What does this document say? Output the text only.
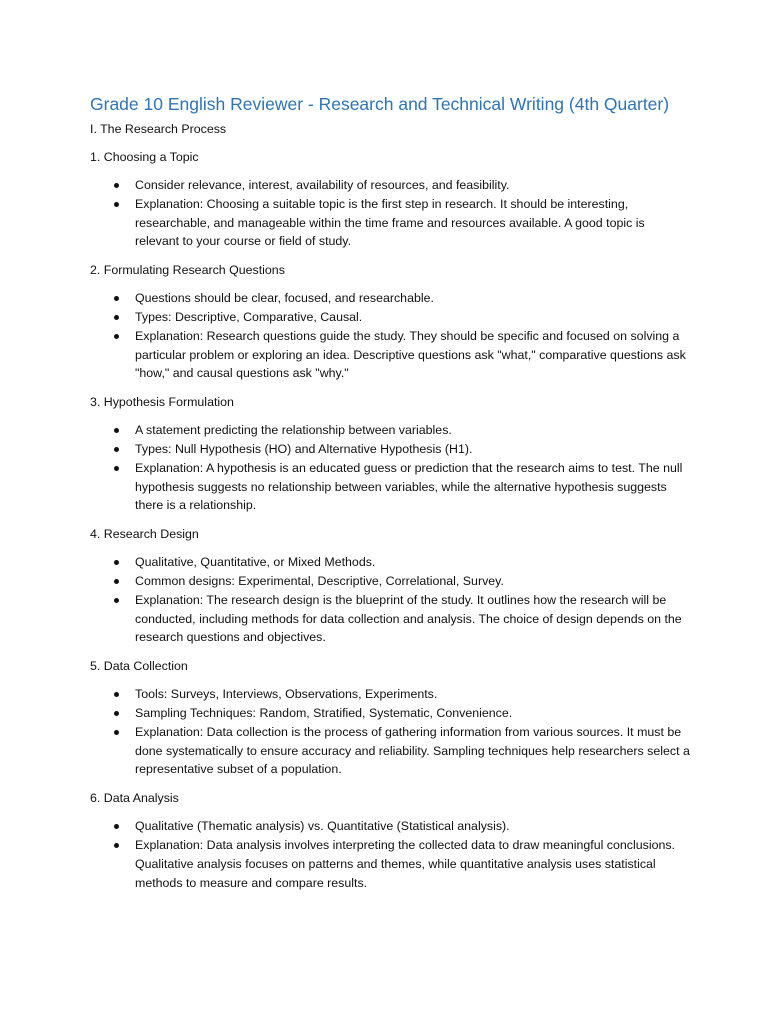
Grade 10 English Reviewer - Research and Technical Writing (4th Quarter)

I. The Research Process

1. Choosing a Topic

Consider relevance, interest, availability of resources, and feasibility.
Explanation: Choosing a suitable topic is the first step in research. It should be interesting, researchable, and manageable within the time frame and resources available. A good topic is relevant to your course or field of study.

2. Formulating Research Questions

Questions should be clear, focused, and researchable.
Types: Descriptive, Comparative, Causal.
Explanation: Research questions guide the study. They should be specific and focused on solving a particular problem or exploring an idea. Descriptive questions ask "what," comparative questions ask "how," and causal questions ask "why."

3. Hypothesis Formulation

A statement predicting the relationship between variables.
Types: Null Hypothesis (HO) and Alternative Hypothesis (H1).
Explanation: A hypothesis is an educated guess or prediction that the research aims to test. The null hypothesis suggests no relationship between variables, while the alternative hypothesis suggests there is a relationship.

4. Research Design

Qualitative, Quantitative, or Mixed Methods.
Common designs: Experimental, Descriptive, Correlational, Survey.
Explanation: The research design is the blueprint of the study. It outlines how the research will be conducted, including methods for data collection and analysis. The choice of design depends on the research questions and objectives.

5. Data Collection

Tools: Surveys, Interviews, Observations, Experiments.
Sampling Techniques: Random, Stratified, Systematic, Convenience.
Explanation: Data collection is the process of gathering information from various sources. It must be done systematically to ensure accuracy and reliability. Sampling techniques help researchers select a representative subset of a population.

6. Data Analysis

Qualitative (Thematic analysis) vs. Quantitative (Statistical analysis).
Explanation: Data analysis involves interpreting the collected data to draw meaningful conclusions. Qualitative analysis focuses on patterns and themes, while quantitative analysis uses statistical methods to measure and compare results.
